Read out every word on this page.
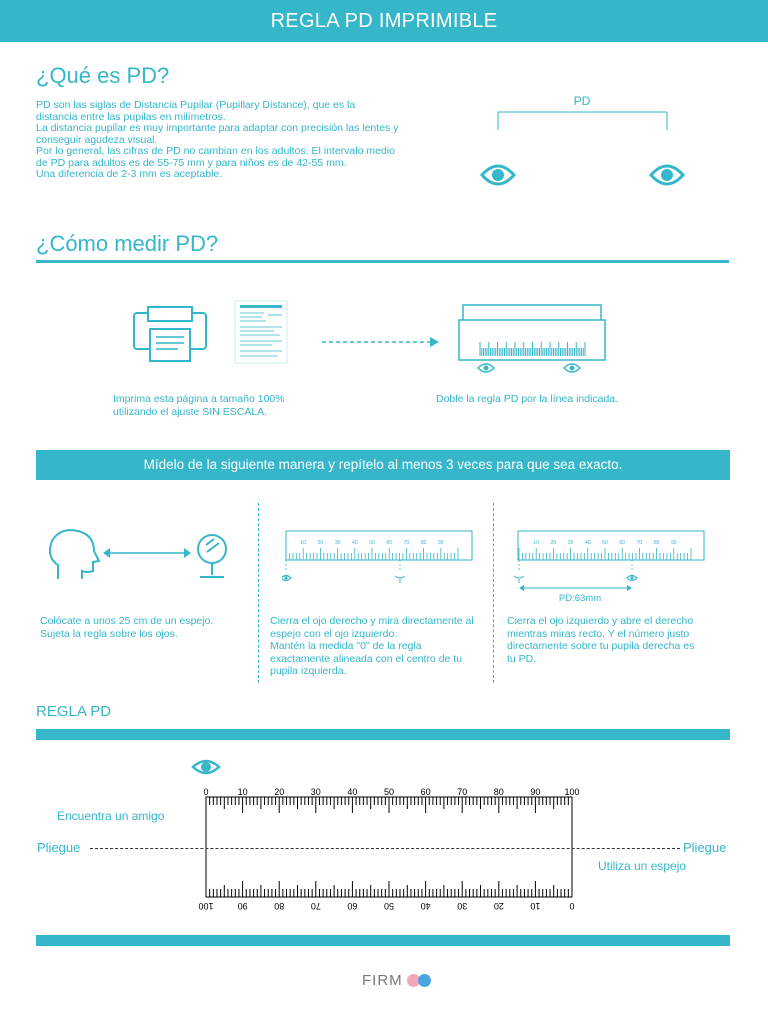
REGLA PD IMPRIMIBLE
¿Qué es PD?
PD son las siglas de Distancia Pupilar (Pupillary Distance), que es la
distancia entre las pupilas en milímetros.
La distancia pupilar es muy importante para adaptar con precisión las lentes y
conseguir agudeza visual.
Por lo general, las cifras de PD no cambian en los adultos. El intervalo medio
de PD para adultos es de 55-75 mm y para niños es de 42-55 mm.
Una diferencia de 2-3 mm es aceptable.
PD
¿Cómo medir PD?
Imprima esta página a tamaño 100%
utilizando el ajuste SIN ESCALA.
Doble la regla PD por la línea indicada.
Mídelo de la siguiente manera y repítelo al menos 3 veces para que sea exacto.
10 20 30 40 50 60 70 80 90	10 20 30 40 50 60 70 80 90
PD:63mm
Colócate a unos 25 cm de un espejo.
Sujeta la regla sobre los ojos.
Cierra el ojo derecho y mira directamente al
espejo con el ojo izquierdo.
Mantén la medida "0" de la regla
exactamente alineada con el centro de tu
pupila izquierda.
Cierra el ojo izquierdo y abre el derecho
mientras miras recto. Y el número justo
directamente sobre tu pupila derecha es
tu PD.
REGLA PD
0	10	20	30	40	50	60	70	80	90	100
100	90	80	70	60	50	40	30	20	10	0
Encuentra un amigo
Pliegue	Pliegue
Utiliza un espejo
FIRM
